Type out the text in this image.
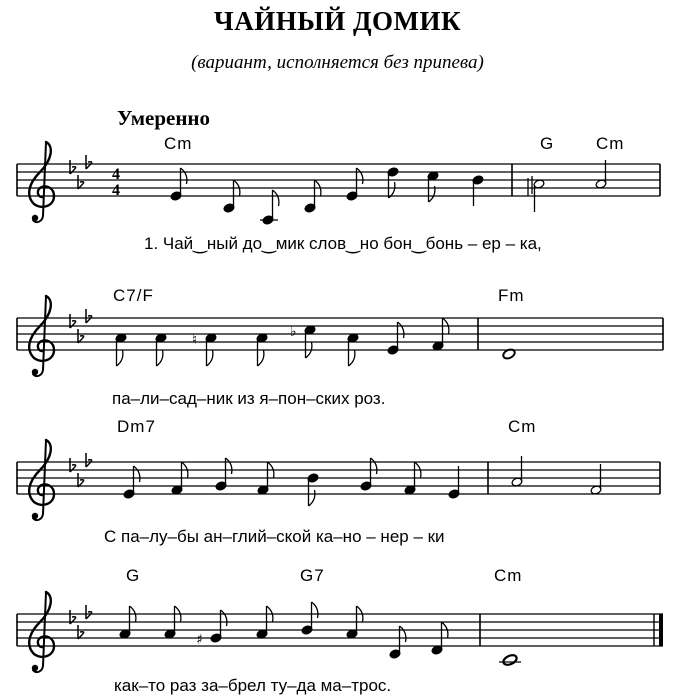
ЧАЙНЫЙ ДОМИК
(вариант, исполняется без припева)
Умеренно
Cm	G Cm
C7/F	Fm
Dm7	Cm
G	G7	Cm
1. Чай‿ный до‿мик слов‿но бон‿бонь – ер – ка,
па–ли–сад–ник из я–пон–ских роз.
С па–лу–бы ан–глий–ской ка–но – нер – ки
как–то раз за–брел ту–да ма–трос.
4
4
♮	♭
♯
